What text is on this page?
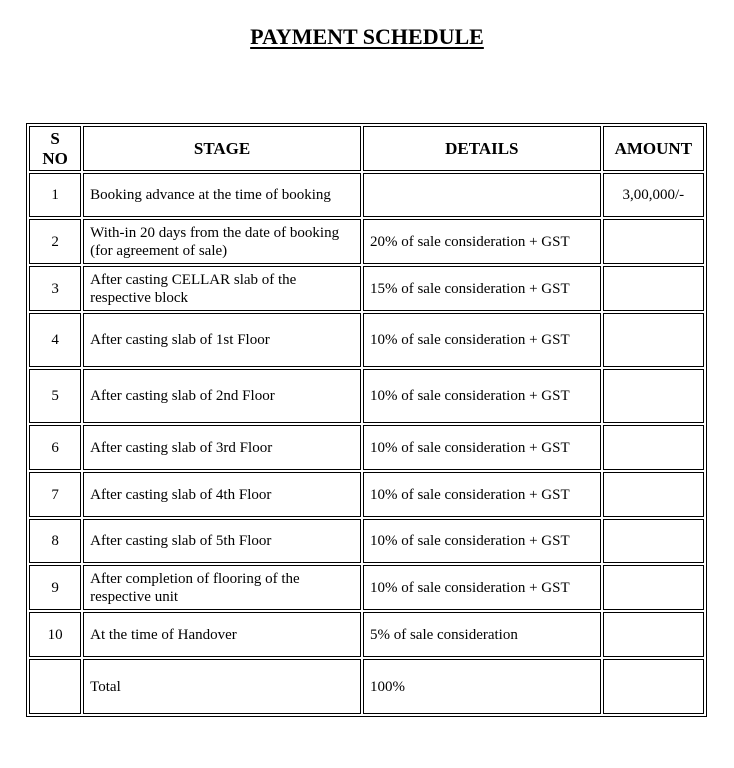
PAYMENT SCHEDULE
S NO	STAGE	DETAILS	AMOUNT
1	Booking advance at the time of booking		3,00,000/-
2	With-in 20 days from the date of booking (for agreement of sale)	20% of sale consideration + GST	
3	After casting CELLAR slab of the respective block	15% of sale consideration + GST	
4	After casting slab of 1st Floor	10% of sale consideration + GST	
5	After casting slab of 2nd Floor	10% of sale consideration + GST	
6	After casting slab of 3rd Floor	10% of sale consideration + GST	
7	After casting slab of 4th Floor	10% of sale consideration + GST	
8	After casting slab of 5th Floor	10% of sale consideration + GST	
9	After completion of flooring of the respective unit	10% of sale consideration + GST	
10	At the time of Handover	5% of sale consideration	
	Total	100%	
